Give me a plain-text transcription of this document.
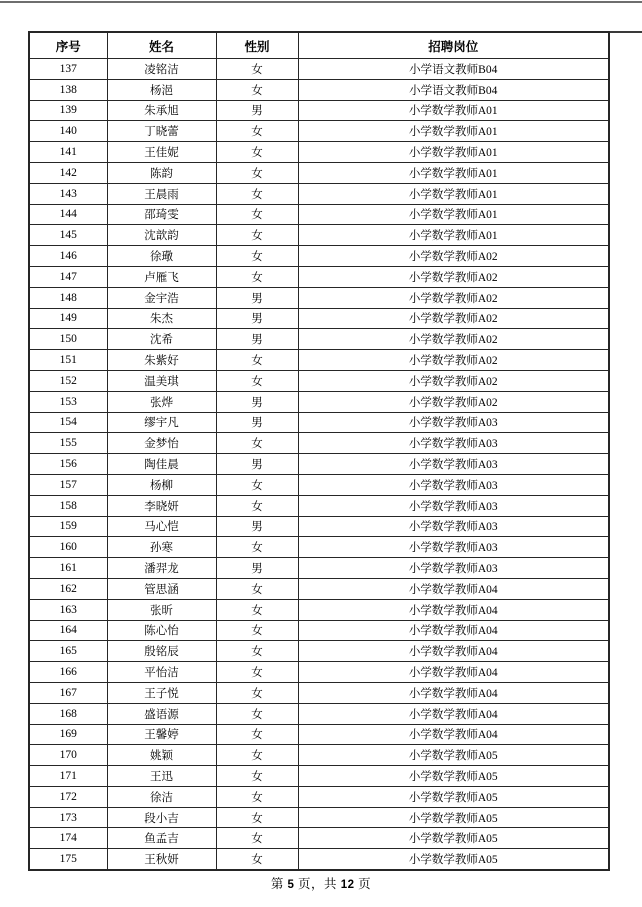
序号	姓名	性别	招聘岗位
137	凌铭洁	女	小学语文教师B04
138	杨浥	女	小学语文教师B04
139	朱承旭	男	小学数学教师A01
140	丁晓蕾	女	小学数学教师A01
141	王佳妮	女	小学数学教师A01
142	陈韵	女	小学数学教师A01
143	王晨雨	女	小学数学教师A01
144	邵琦雯	女	小学数学教师A01
145	沈歆韵	女	小学数学教师A01
146	徐璥	女	小学数学教师A02
147	卢雁飞	女	小学数学教师A02
148	金宇浩	男	小学数学教师A02
149	朱杰	男	小学数学教师A02
150	沈希	男	小学数学教师A02
151	朱紫好	女	小学数学教师A02
152	温美琪	女	小学数学教师A02
153	张烨	男	小学数学教师A02
154	缪宇凡	男	小学数学教师A03
155	金梦怡	女	小学数学教师A03
156	陶佳晨	男	小学数学教师A03
157	杨柳	女	小学数学教师A03
158	李晓妍	女	小学数学教师A03
159	马心恺	男	小学数学教师A03
160	孙寒	女	小学数学教师A03
161	潘羿龙	男	小学数学教师A03
162	管思涵	女	小学数学教师A04
163	张昕	女	小学数学教师A04
164	陈心怡	女	小学数学教师A04
165	殷铭辰	女	小学数学教师A04
166	平怡洁	女	小学数学教师A04
167	王子悦	女	小学数学教师A04
168	盛语源	女	小学数学教师A04
169	王馨婷	女	小学数学教师A04
170	姚颖	女	小学数学教师A05
171	王迅	女	小学数学教师A05
172	徐洁	女	小学数学教师A05
173	段小吉	女	小学数学教师A05
174	鱼孟吉	女	小学数学教师A05
175	王秋妍	女	小学数学教师A05
第 5 页，共 12 页
